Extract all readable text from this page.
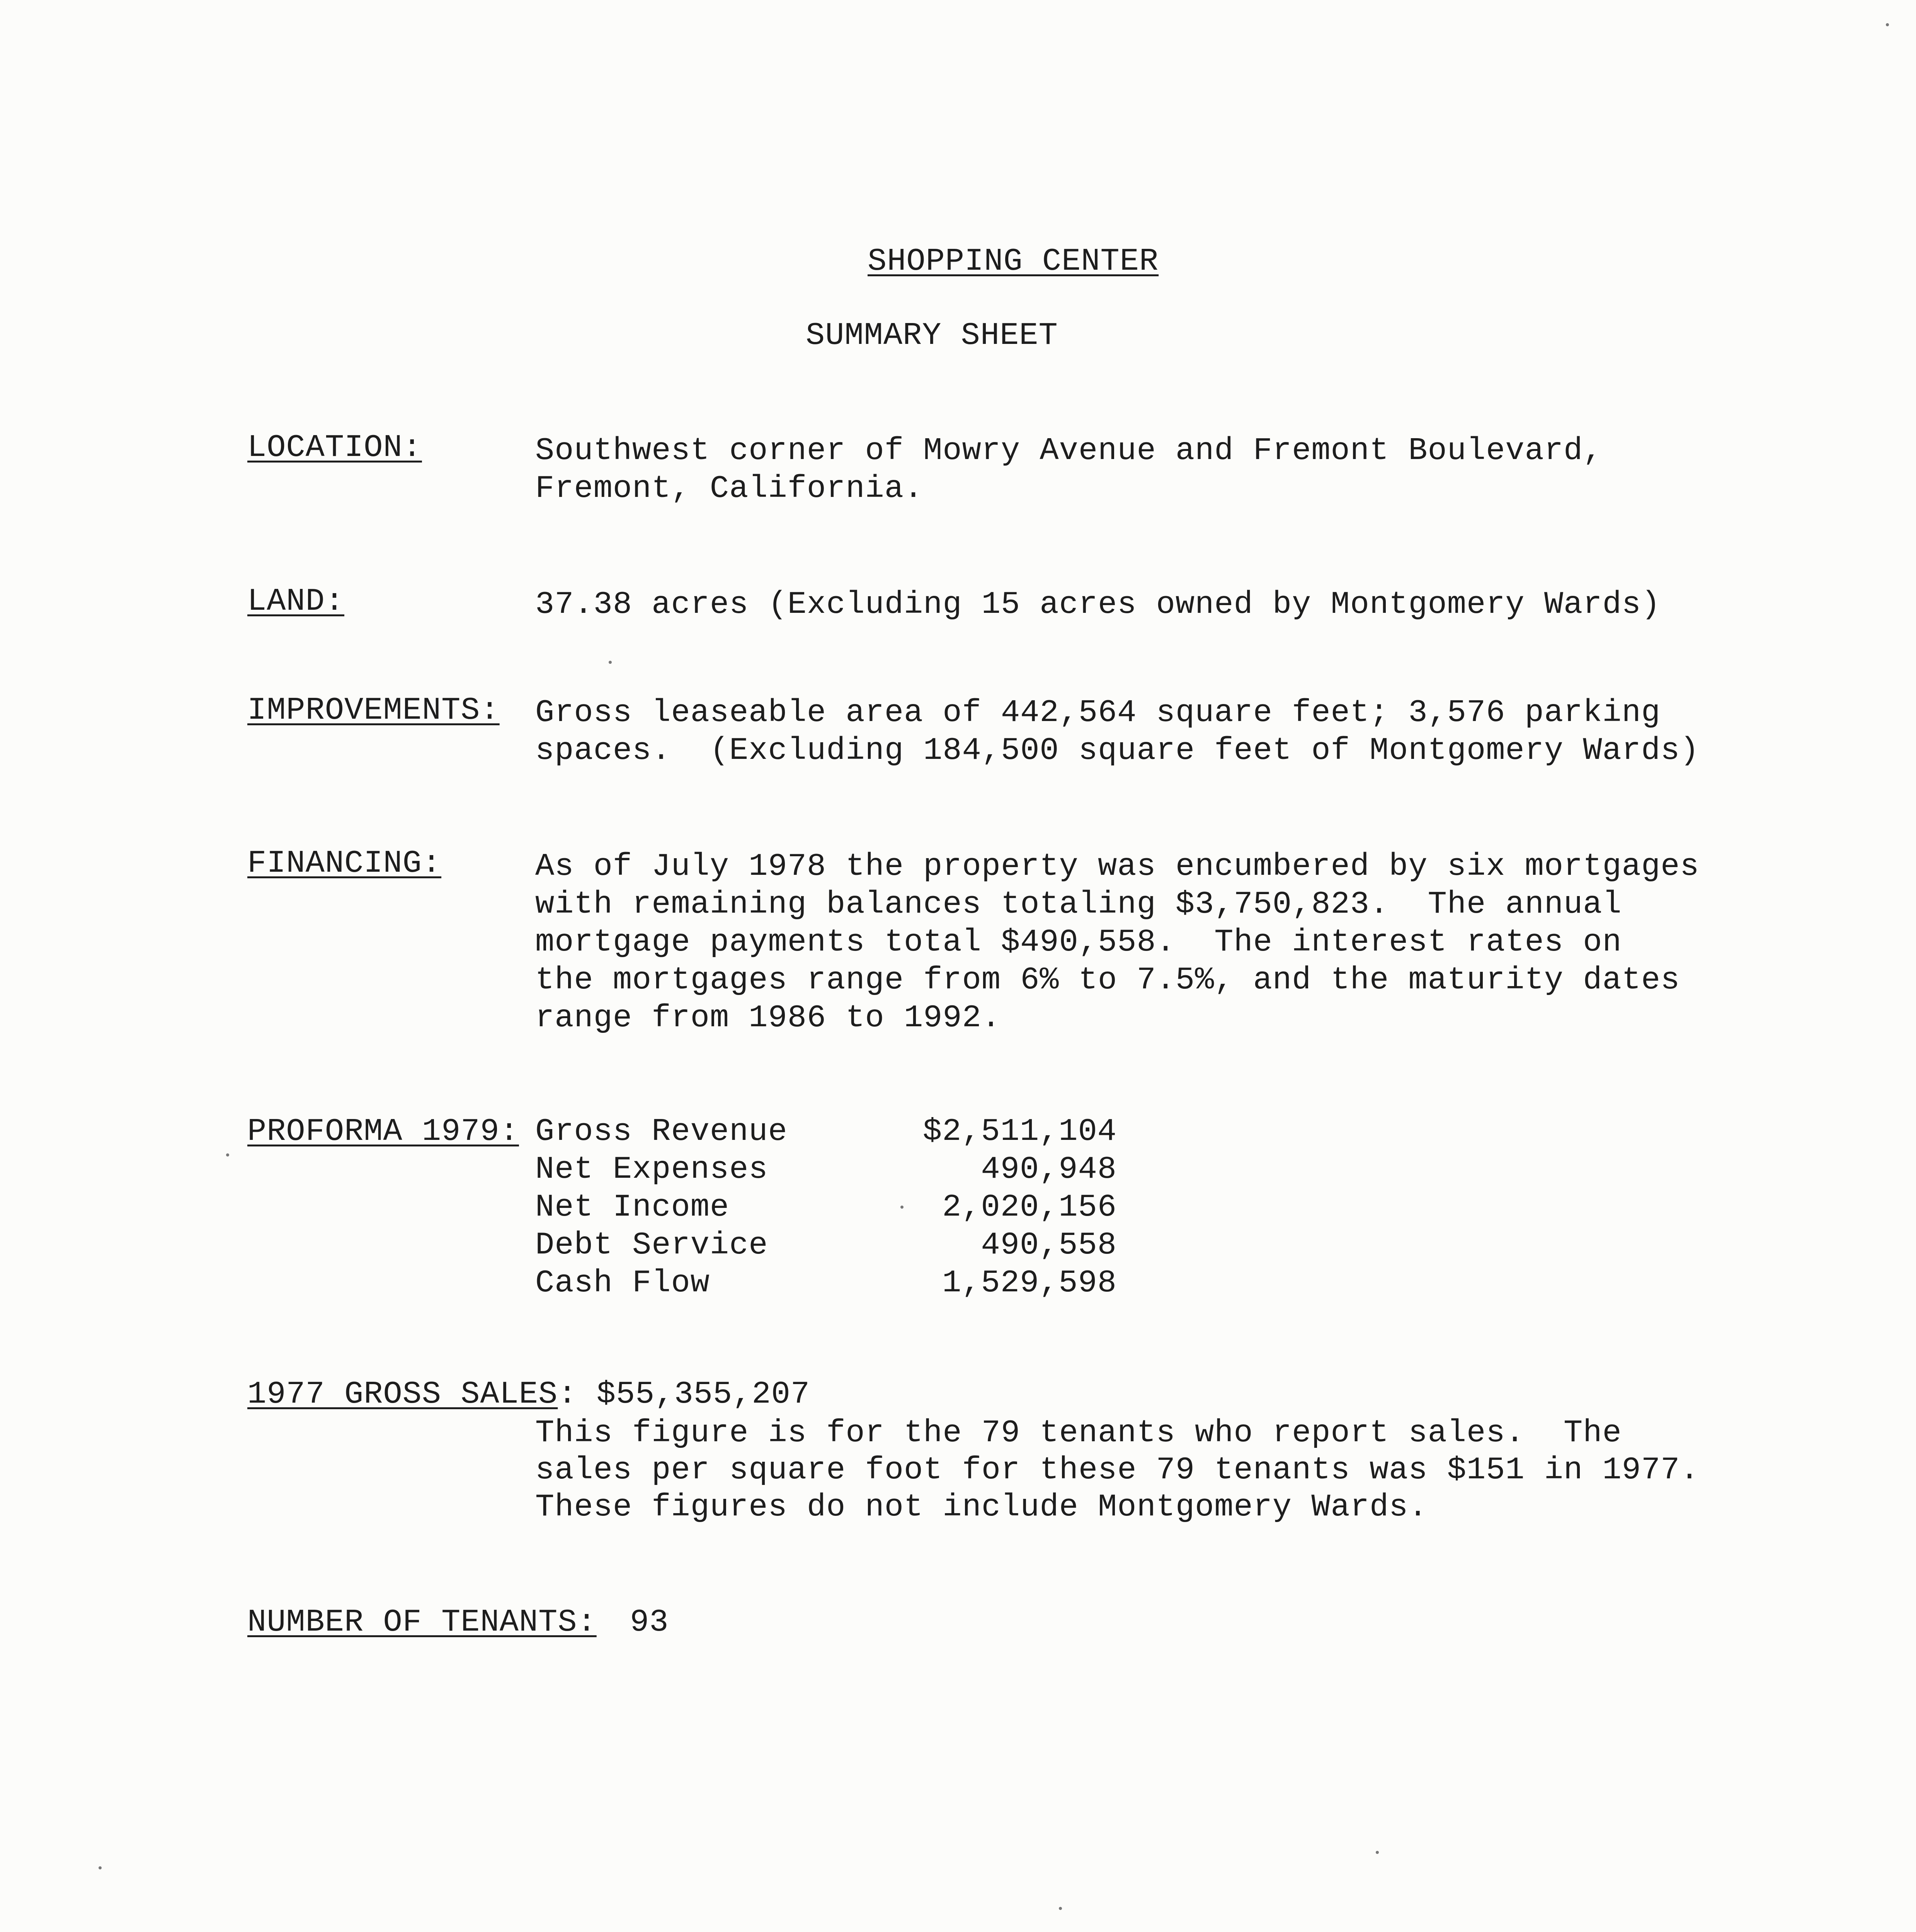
SHOPPING CENTER
SUMMARY SHEET
LOCATION:	Southwest corner of Mowry Avenue and Fremont Boulevard,
Fremont, California.
LAND:	37.38 acres (Excluding 15 acres owned by Montgomery Wards)
IMPROVEMENTS: Gross leaseable area of 442,564 square feet; 3,576 parking
spaces.  (Excluding 184,500 square feet of Montgomery Wards)
FINANCING:	As of July 1978 the property was encumbered by six mortgages
with remaining balances totaling $3,750,823.  The annual
mortgage payments total $490,558.  The interest rates on
the mortgages range from 6% to 7.5%, and the maturity dates
range from 1986 to 1992.
PROFORMA 1979: Gross Revenue	$2,511,104
Net Expenses	490,948
Net Income	2,020,156
Debt Service	490,558
Cash Flow	1,529,598
1977 GROSS SALES: $55,355,207
This figure is for the 79 tenants who report sales.  The
sales per square foot for these 79 tenants was $151 in 1977.
These figures do not include Montgomery Wards.
NUMBER OF TENANTS: 93
